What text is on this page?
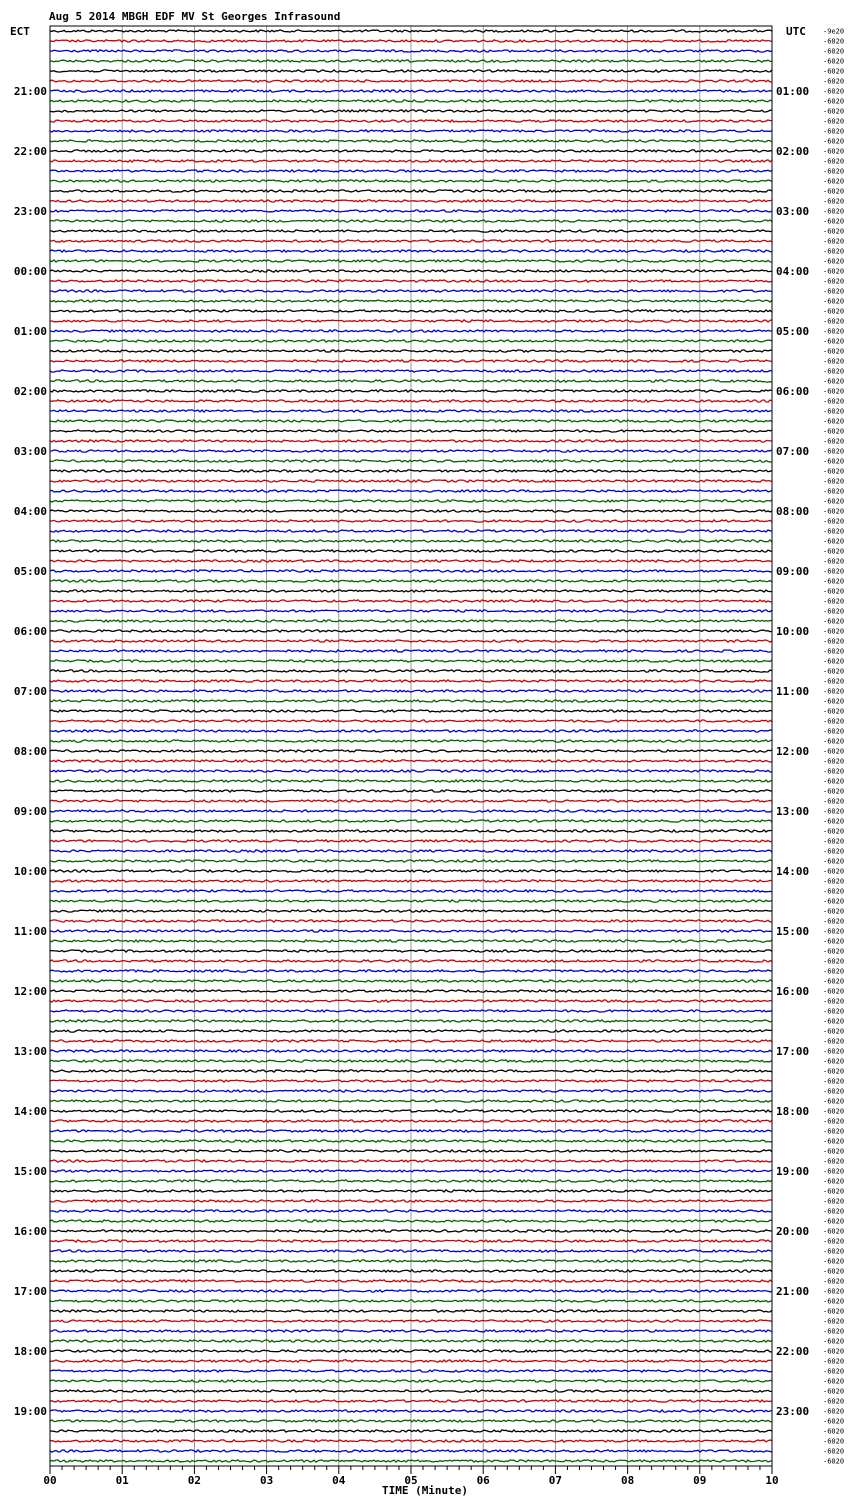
Aug 5 2014 MBGH EDF MV St Georges Infrasound
ECT	UTC
21:00
22:00
23:00
00:00
01:00
02:00
03:00
04:00
05:00
06:00
07:00
08:00
09:00
10:00
11:00
12:00
13:00
14:00
15:00
16:00
17:00
18:00
19:00
01:00
02:00
03:00
04:00
05:00
06:00
07:00
08:00
09:00
10:00
11:00
12:00
13:00
14:00
15:00
16:00
17:00
18:00
19:00
20:00
21:00
22:00
23:00
-9e20
-6020
-6020
-6020
-6020
-6020
-6020
-6020
-6020
-6020
-6020
-6020
-6020
-6020
-6020
-6020
-6020
-6020
-6020
-6020
-6020
-6020
-6020
-6020
-6020
-6020
-6020
-6020
-6020
-6020
-6020
-6020
-6020
-6020
-6020
-6020
-6020
-6020
-6020
-6020
-6020
-6020
-6020
-6020
-6020
-6020
-6020
-6020
-6020
-6020
-6020
-6020
-6020
-6020
-6020
-6020
-6020
-6020
-6020
-6020
-6020
-6020
-6020
-6020
-6020
-6020
-6020
-6020
-6020
-6020
-6020
-6020
-6020
-6020
-6020
-6020
-6020
-6020
-6020
-6020
-6020
-6020
-6020
-6020
-6020
-6020
-6020
-6020
-6020
-6020
-6020
-6020
-6020
-6020
-6020
-6020
-6020
-6020
-6020
-6020
-6020
-6020
-6020
-6020
-6020
-6020
-6020
-6020
-6020
-6020
-6020
-6020
-6020
-6020
-6020
-6020
-6020
-6020
-6020
-6020
-6020
-6020
-6020
-6020
-6020
-6020
-6020
-6020
-6020
-6020
-6020
-6020
-6020
-6020
-6020
-6020
-6020
-6020
-6020
-6020
-6020
-6020
-6020
-6020
00	01	02	03	04	05	06	07	08	09	10
TIME (Minute)
